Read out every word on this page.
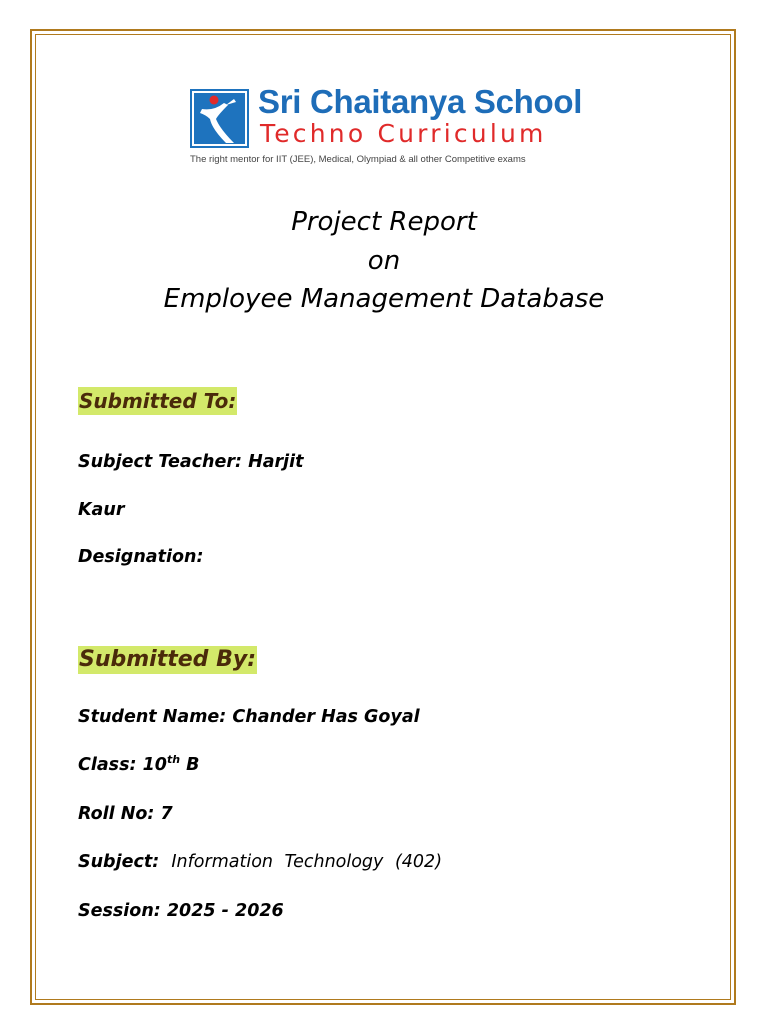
Sri Chaitanya School
Techno Curriculum
The right mentor for IIT (JEE), Medical, Olympiad & all other Competitive exams
Project Report
on
Employee Management Database
Submitted To:
Subject Teacher: Harjit
Kaur
Designation:
Submitted By:
Student Name: Chander Has Goyal
Class: 10th B
Roll No: 7
Subject: Information Technology (402)
Session: 2025 - 2026
